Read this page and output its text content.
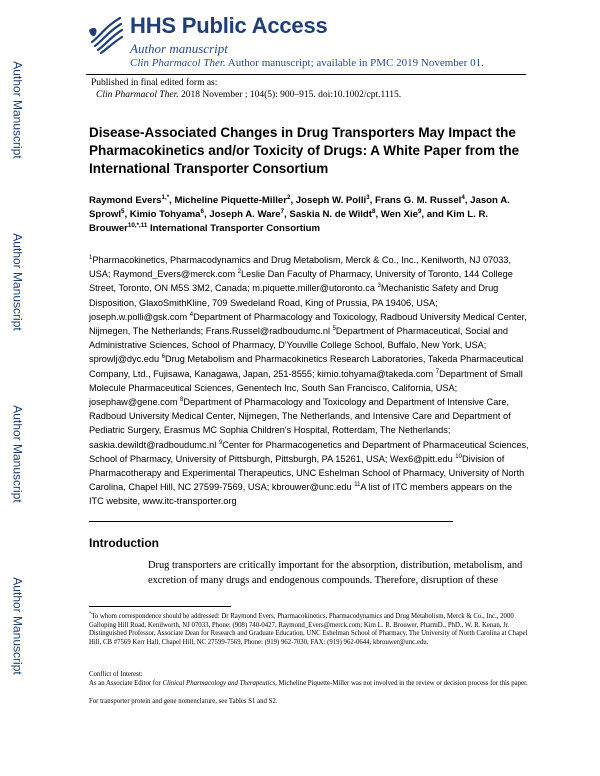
Author Manuscript
Author Manuscript
Author Manuscript
Author Manuscript
HHS Public Access
Author manuscript
Clin Pharmacol Ther. Author manuscript; available in PMC 2019 November 01.
Published in final edited form as:
Clin Pharmacol Ther. 2018 November ; 104(5): 900–915. doi:10.1002/cpt.1115.
Disease-Associated Changes in Drug Transporters May Impact the Pharmacokinetics and/or Toxicity of Drugs: A White Paper from the International Transporter Consortium
Raymond Evers$^{1,*}$, Micheline Piquette-Miller$^2$, Joseph W. Polli$^3$, Frans G. M. Russel$^4$, Jason A. Sprowl$^5$, Kimio Tohyama$^6$, Joseph A. Ware$^7$, Saskia N. de Wildt$^8$, Wen Xie$^9$, and Kim L. R. Brouwer$^{10,*,11}$ International Transporter Consortium
$^1$Pharmacokinetics, Pharmacodynamics and Drug Metabolism, Merck & Co., Inc., Kenilworth, NJ 07033, USA; Raymond_Evers@merck.com $^2$Leslie Dan Faculty of Pharmacy, University of Toronto, 144 College Street, Toronto, ON M5S 3M2, Canada; m.piquette.miller@utoronto.ca $^3$Mechanistic Safety and Drug Disposition, GlaxoSmithKline, 709 Swedeland Road, King of Prussia, PA 19406, USA; joseph.w.polli@gsk.com $^4$Department of Pharmacology and Toxicology, Radboud University Medical Center, Nijmegen, The Netherlands; Frans.Russel@radboudumc.nl $^5$Department of Pharmaceutical, Social and Administrative Sciences, School of Pharmacy, D'Youville College School, Buffalo, New York, USA; sprowlj@dyc.edu $^6$Drug Metabolism and Pharmacokinetics Research Laboratories, Takeda Pharmaceutical Company, Ltd., Fujisawa, Kanagawa, Japan, 251-8555; kimio.tohyama@takeda.com $^7$Department of Small Molecule Pharmaceutical Sciences, Genentech Inc, South San Francisco, California, USA; josephaw@gene.com $^8$Department of Pharmacology and Toxicology and Department of Intensive Care, Radboud University Medical Center, Nijmegen, The Netherlands, and Intensive Care and Department of Pediatric Surgery, Erasmus MC Sophia Children's Hospital, Rotterdam, The Netherlands; saskia.dewildt@radboudumc.nl $^9$Center for Pharmacogenetics and Department of Pharmaceutical Sciences, School of Pharmacy, University of Pittsburgh, Pittsburgh, PA 15261, USA; Wex6@pitt.edu $^{10}$Division of Pharmacotherapy and Experimental Therapeutics, UNC Eshelman School of Pharmacy, University of North Carolina, Chapel Hill, NC 27599-7569, USA; kbrouwer@unc.edu $^{11}$A list of ITC members appears on the ITC website, www.itc-transporter.org
Introduction
Drug transporters are critically important for the absorption, distribution, metabolism, and excretion of many drugs and endogenous compounds. Therefore, disruption of these
*To whom correspondence should be addressed: Dr Raymond Evers, Pharmacokinetics, Pharmacodynamics and Drug Metabolism, Merck & Co., Inc., 2000 Galloping Hill Road, Kenilworth, NJ 07033, Phone: (908) 740-0427, Raymond_Evers@merck.com; Kim L. R. Brouwer, PharmD., PhD., W. R. Kenan, Jr. Distinguished Professor, Associate Dean for Research and Graduate Education, UNC Eshelman School of Pharmacy, The University of North Carolina at Chapel Hill, CB #7569 Kerr Hall, Chapel Hill, NC 27599-7569, Phone: (919) 962-7030, FAX: (919) 962-0644, kbrouwer@unc.edu.
Conflict of Interest:
As an Associate Editor for Clinical Pharmacology and Therapeutics, Micheline Piquette-Miller was not involved in the review or decision process for this paper.
For transporter protein and gene nomenclature, see Tables S1 and S2.
